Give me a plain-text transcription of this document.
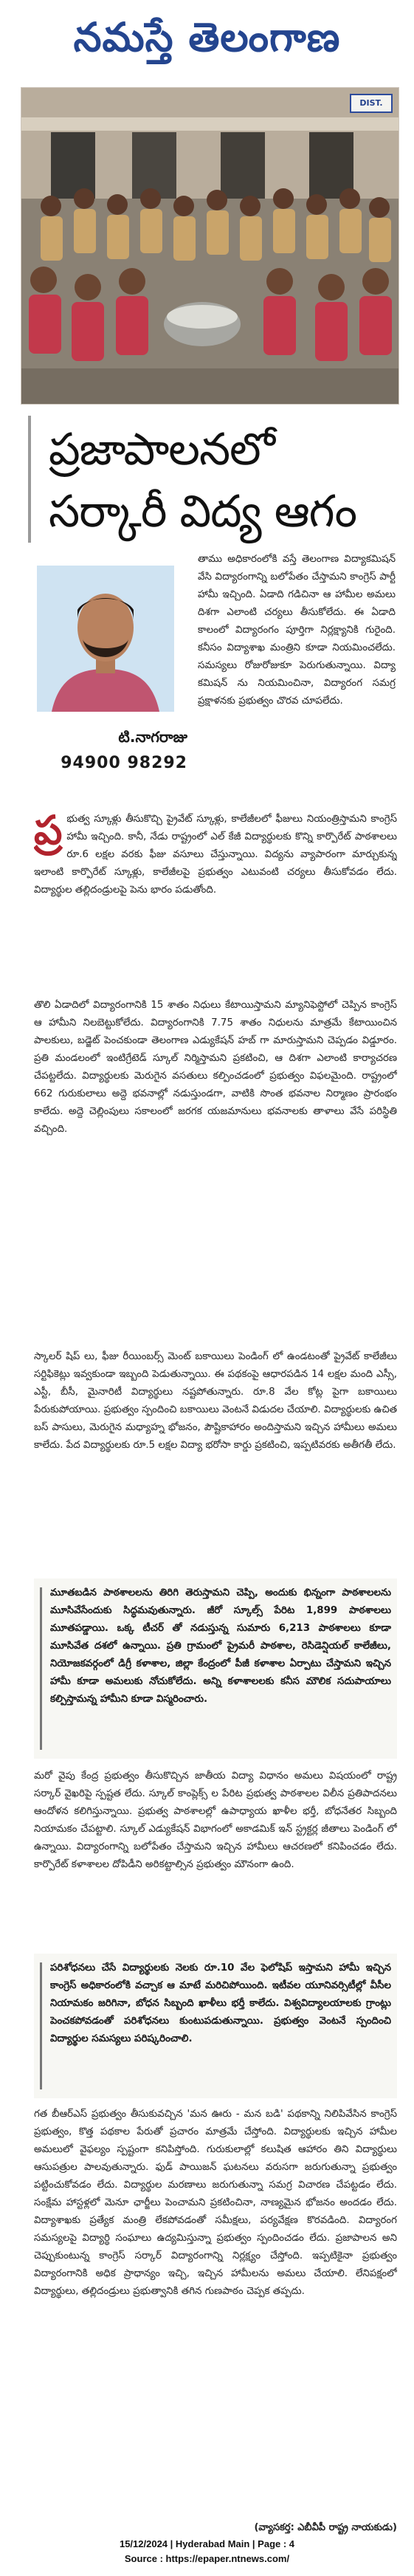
నమస్తే తెలంగాణ
DIST.
ప్రజాపాలనలో
సర్కారీ విద్య ఆగం
టి.నాగరాజు
94900 98292
తాము అధికారంలోకి వస్తే తెలంగాణ విద్యాకమిషన్ వేసి విద్యారంగాన్ని బలోపేతం చేస్తామని కాంగ్రెస్ పార్టీ హామీ ఇచ్చింది. ఏడాది గడిచినా ఆ హామీల అమలు దిశగా ఎలాంటి చర్యలు తీసుకోలేదు. ఈ ఏడాది కాలంలో విద్యారంగం పూర్తిగా నిర్లక్ష్యానికి గురైంది. కనీసం విద్యాశాఖ మంత్రిని కూడా నియమించలేదు. సమస్యలు రోజురోజుకూ పెరుగుతున్నాయి. విద్యా కమిషన్ ను నియమించినా, విద్యారంగ సమగ్ర ప్రక్షాళనకు ప్రభుత్వం చొరవ చూపలేదు.
ప్ర భుత్వ స్కూళ్లు తీసుకొచ్చి ప్రైవేట్ స్కూళ్లు, కాలేజీలలో ఫీజులు నియంత్రిస్తామని కాంగ్రెస్ హామీ ఇచ్చింది. కానీ, నేడు రాష్ట్రంలో ఎల్ కేజీ విద్యార్థులకు కొన్ని కార్పొరేట్ పాఠశాలలు రూ.6 లక్షల వరకు ఫీజు వసూలు చేస్తున్నాయి. విద్యను వ్యాపారంగా మార్చుకున్న ఇలాంటి కార్పొరేట్ స్కూళ్లు, కాలేజీలపై ప్రభుత్వం ఎటువంటి చర్యలు తీసుకోవడం లేదు. విద్యార్థుల తల్లిదండ్రులపై పెను భారం పడుతోంది.
తొలి ఏడాదిలో విద్యారంగానికి 15 శాతం నిధులు కేటాయిస్తామని మ్యానిఫెస్టోలో చెప్పిన కాంగ్రెస్ ఆ హామీని నిలబెట్టుకోలేదు. విద్యారంగానికి 7.75 శాతం నిధులను మాత్రమే కేటాయించిన పాలకులు, బడ్జెట్ పెంచకుండా తెలంగాణ ఎడ్యుకేషన్ హబ్ గా మారుస్తామని చెప్పడం విడ్డూరం. ప్రతి మండలంలో ఇంటిగ్రేటెడ్ స్కూల్ నిర్మిస్తామని ప్రకటించి, ఆ దిశగా ఎలాంటి కార్యాచరణ చేపట్టలేదు. విద్యార్థులకు మెరుగైన వసతులు కల్పించడంలో ప్రభుత్వం విఫలమైంది. రాష్ట్రంలో 662 గురుకులాలు అద్దె భవనాల్లో నడుస్తుండగా, వాటికి సొంత భవనాల నిర్మాణం ప్రారంభం కాలేదు. అద్దె చెల్లింపులు సకాలంలో జరగక యజమానులు భవనాలకు తాళాలు వేసే పరిస్థితి వచ్చింది.
స్కాలర్ షిప్ లు, ఫీజు రీయింబర్స్ మెంట్ బకాయిలు పెండింగ్ లో ఉండటంతో ప్రైవేట్ కాలేజీలు సర్టిఫికెట్లు ఇవ్వకుండా ఇబ్బంది పెడుతున్నాయి. ఈ పథకంపై ఆధారపడిన 14 లక్షల మంది ఎస్సీ, ఎస్టీ, బీసీ, మైనారిటీ విద్యార్థులు నష్టపోతున్నారు. రూ.8 వేల కోట్ల పైగా బకాయిలు పేరుకుపోయాయి. ప్రభుత్వం స్పందించి బకాయిలు వెంటనే విడుదల చేయాలి. విద్యార్థులకు ఉచిత బస్ పాసులు, మెరుగైన మధ్యాహ్న భోజనం, పౌష్టికాహారం అందిస్తామని ఇచ్చిన హామీలు అమలు కాలేదు. పేద విద్యార్థులకు రూ.5 లక్షల విద్యా భరోసా కార్డు ప్రకటించి, ఇప్పటివరకు అతీగతీ లేదు.
మూతబడిన పాఠశాలలను తిరిగి తెరుస్తామని చెప్పి, అందుకు భిన్నంగా పాఠశాలలను మూసివేసేందుకు సిద్ధమవుతున్నారు. జీరో స్కూల్స్ పేరిట 1,899 పాఠశాలలు మూతపడ్డాయి. ఒక్క టీచర్ తో నడుస్తున్న సుమారు 6,213 పాఠశాలలు కూడా మూసివేత దశలో ఉన్నాయి. ప్రతి గ్రామంలో ప్రైమరీ పాఠశాల, రెసిడెన్షియల్ కాలేజీలు, నియోజకవర్గంలో డిగ్రీ కళాశాల, జిల్లా కేంద్రంలో పీజీ కళాశాల ఏర్పాటు చేస్తామని ఇచ్చిన హామీ కూడా అమలుకు నోచుకోలేదు. అన్ని కళాశాలలకు కనీస మౌలిక సదుపాయాలు కల్పిస్తామన్న హామీని కూడా విస్మరించారు.
మరో వైపు కేంద్ర ప్రభుత్వం తీసుకొచ్చిన జాతీయ విద్యా విధానం అమలు విషయంలో రాష్ట్ర సర్కార్ వైఖరిపై స్పష్టత లేదు. స్కూల్ కాంప్లెక్స్ ల పేరిట ప్రభుత్వ పాఠశాలల విలీన ప్రతిపాదనలు ఆందోళన కలిగిస్తున్నాయి. ప్రభుత్వ పాఠశాలల్లో ఉపాధ్యాయ ఖాళీల భర్తీ, బోధనేతర సిబ్బంది నియామకం చేపట్టాలి. స్కూల్ ఎడ్యుకేషన్ విభాగంలో అకాడమిక్ ఇన్ స్ట్రక్టర్ల జీతాలు పెండింగ్ లో ఉన్నాయి. విద్యారంగాన్ని బలోపేతం చేస్తామని ఇచ్చిన హామీలు ఆచరణలో కనిపించడం లేదు. కార్పొరేట్ కళాశాలల దోపిడీని అరికట్టాల్సిన ప్రభుత్వం మౌనంగా ఉంది.
పరిశోధనలు చేసే విద్యార్థులకు నెలకు రూ.10 వేల ఫెలోషిప్ ఇస్తామని హామీ ఇచ్చిన కాంగ్రెస్ అధికారంలోకి వచ్చాక ఆ మాటే మరిచిపోయింది. ఇటీవల యూనివర్సిటీల్లో వీసీల నియామకం జరిగినా, బోధన సిబ్బంది ఖాళీలు భర్తీ కాలేదు. విశ్వవిద్యాలయాలకు గ్రాంట్లు పెంచకపోవడంతో పరిశోధనలు కుంటుపడుతున్నాయి. ప్రభుత్వం వెంటనే స్పందించి విద్యార్థుల సమస్యలు పరిష్కరించాలి.
గత బీఆర్ఎస్ ప్రభుత్వం తీసుకువచ్చిన 'మన ఊరు - మన బడి' పథకాన్ని నిలిపివేసిన కాంగ్రెస్ ప్రభుత్వం, కొత్త పథకాల పేరుతో ప్రచారం మాత్రమే చేస్తోంది. విద్యార్థులకు ఇచ్చిన హామీల అమలులో వైఫల్యం స్పష్టంగా కనిపిస్తోంది. గురుకులాల్లో కలుషిత ఆహారం తిని విద్యార్థులు ఆసుపత్రుల పాలవుతున్నారు. ఫుడ్ పాయిజన్ ఘటనలు వరుసగా జరుగుతున్నా ప్రభుత్వం పట్టించుకోవడం లేదు. విద్యార్థుల మరణాలు జరుగుతున్నా సమగ్ర విచారణ చేపట్టడం లేదు. సంక్షేమ హాస్టళ్లలో మెనూ ఛార్జీలు పెంచామని ప్రకటించినా, నాణ్యమైన భోజనం అందడం లేదు. విద్యాశాఖకు ప్రత్యేక మంత్రి లేకపోవడంతో సమీక్షలు, పర్యవేక్షణ కొరవడింది. విద్యారంగ సమస్యలపై విద్యార్థి సంఘాలు ఉద్యమిస్తున్నా ప్రభుత్వం స్పందించడం లేదు. ప్రజాపాలన అని చెప్పుకుంటున్న కాంగ్రెస్ సర్కార్ విద్యారంగాన్ని నిర్లక్ష్యం చేస్తోంది. ఇప్పటికైనా ప్రభుత్వం విద్యారంగానికి అధిక ప్రాధాన్యం ఇచ్చి, ఇచ్చిన హామీలను అమలు చేయాలి. లేనిపక్షంలో విద్యార్థులు, తల్లిదండ్రులు ప్రభుత్వానికి తగిన గుణపాఠం చెప్పక తప్పదు.
(వ్యాసకర్త: ఎబీవీపీ రాష్ట్ర నాయకుడు)
15/12/2024 | Hyderabad Main | Page : 4
Source : https://epaper.ntnews.com/
